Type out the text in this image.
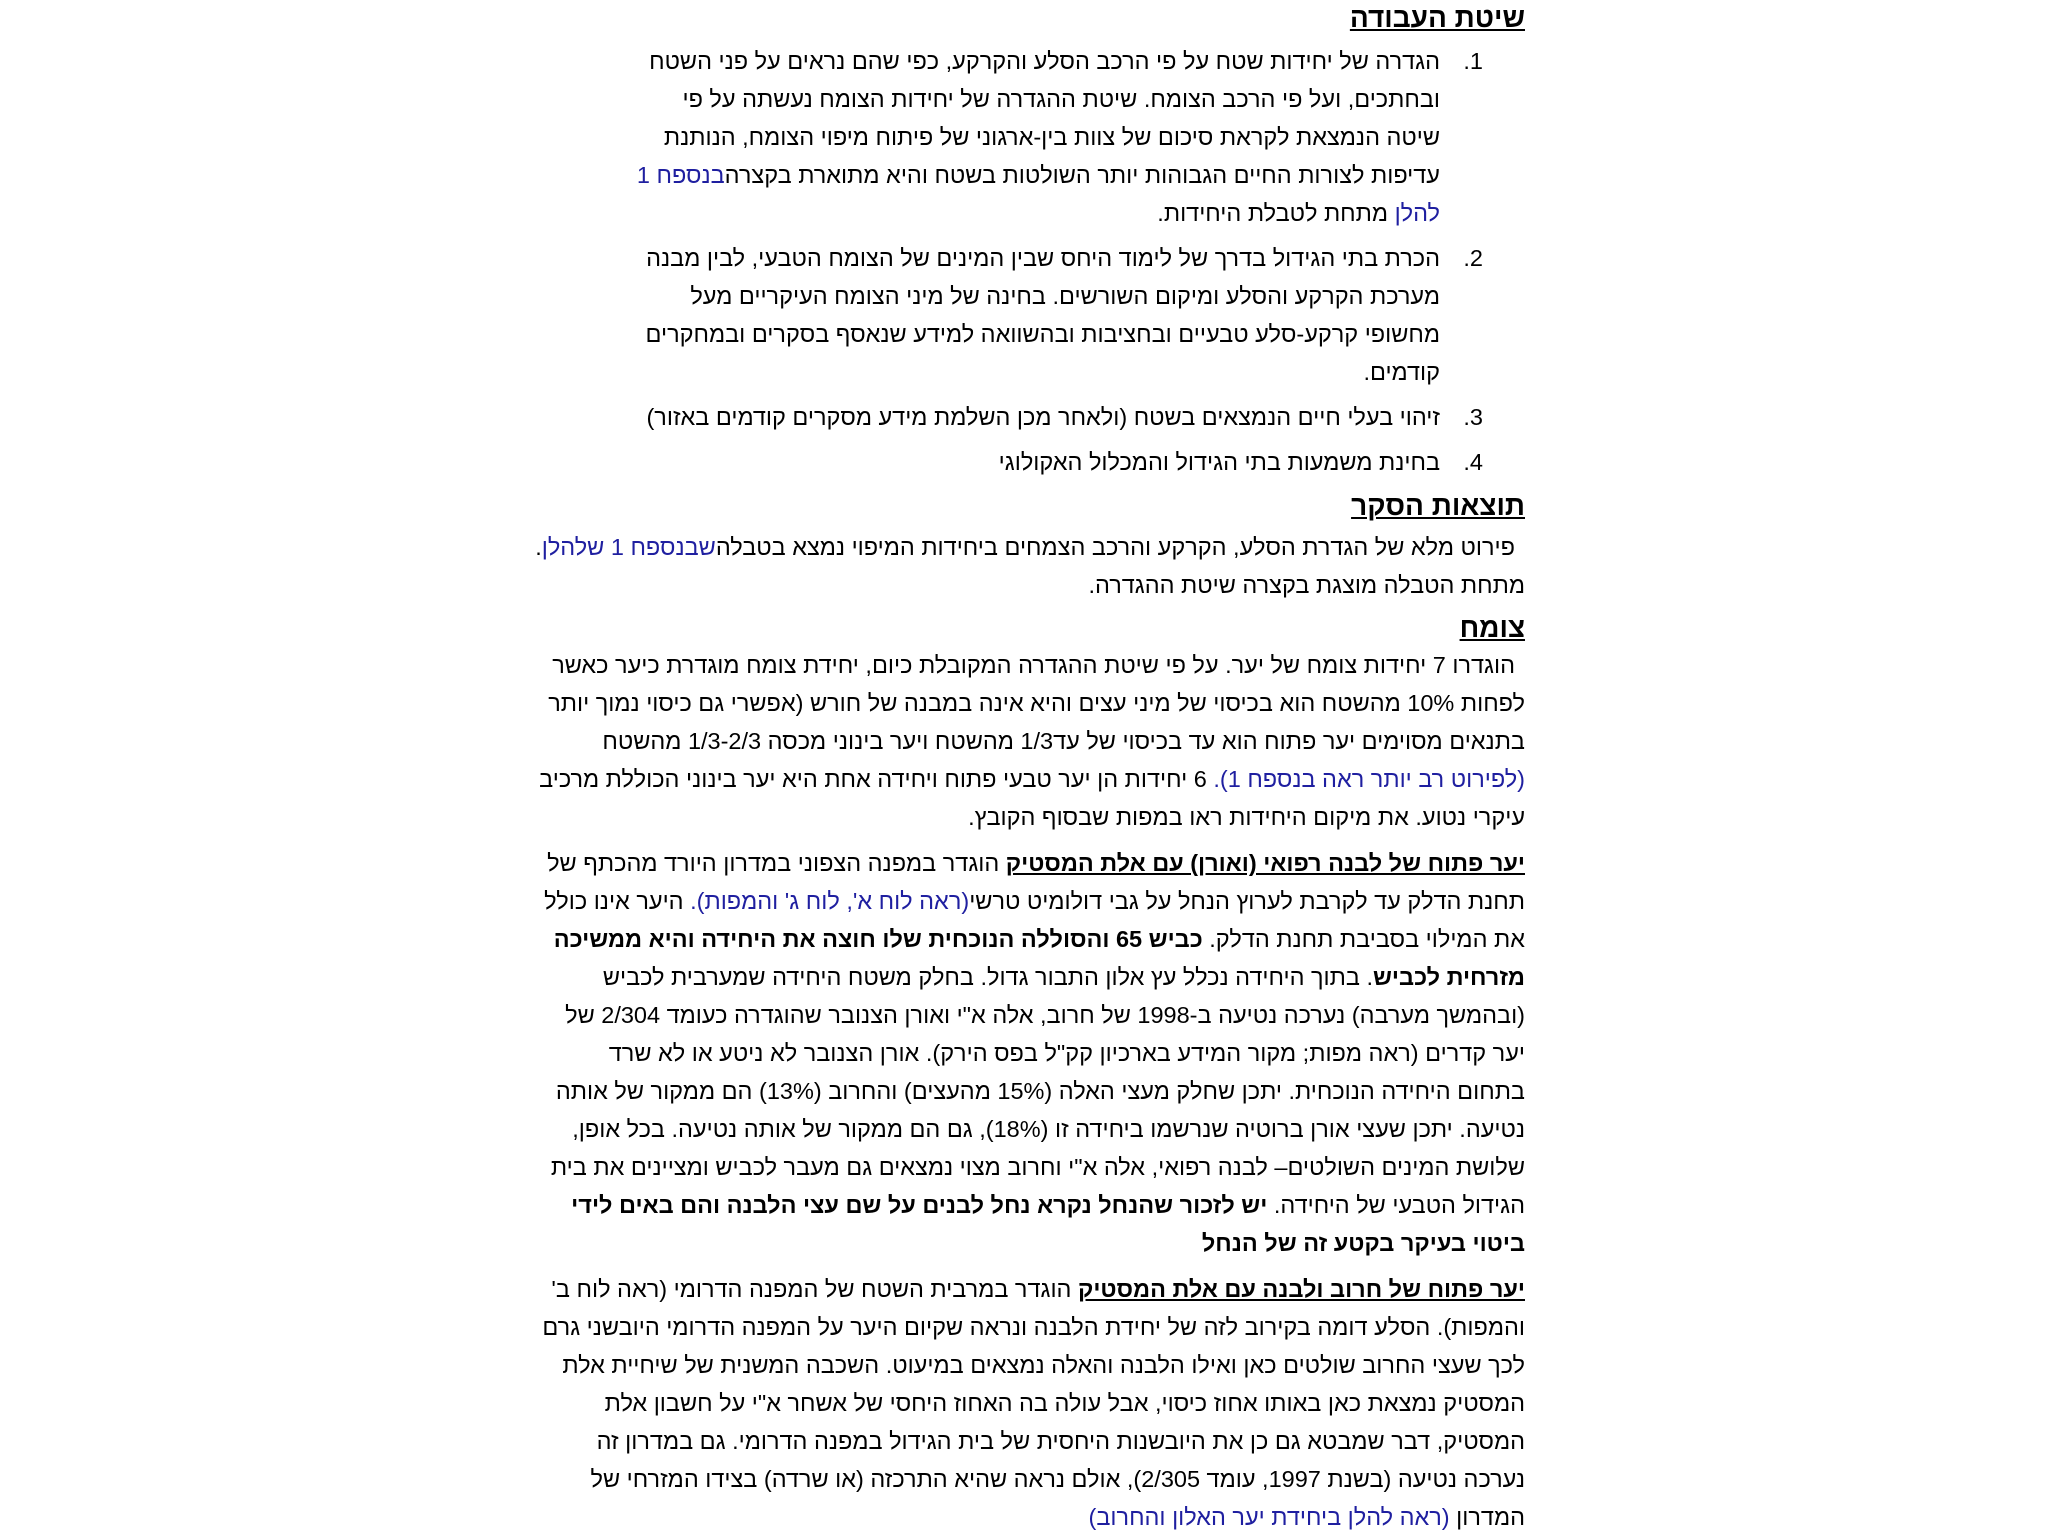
שיטת העבודה

1.
הגדרה של יחידות שטח על פי הרכב הסלע והקרקע, כפי שהם נראים על פני השטח ובחתכים, ועל פי הרכב הצומח. שיטת ההגדרה של יחידות הצומח נעשתה על פי שיטה הנמצאת לקראת סיכום של צוות בין-ארגוני של פיתוח מיפוי הצומח, הנותנת עדיפות לצורות החיים הגבוהות יותר השולטות בשטח והיא מתוארת בקצרהבנספח 1 להלן מתחת לטבלת היחידות.
2.
הכרת בתי הגידול בדרך של לימוד היחס שבין המינים של הצומח הטבעי, לבין מבנה מערכת הקרקע והסלע ומיקום השורשים. בחינה של מיני הצומח העיקריים מעל מחשופי קרקע-סלע טבעיים ובחציבות ובהשוואה למידע שנאסף בסקרים ובמחקרים קודמים.
3.
זיהוי בעלי חיים הנמצאים בשטח (ולאחר מכן השלמת מידע מסקרים קודמים באזור)
4.
בחינת משמעות בתי הגידול והמכלול האקולוגי

תוצאות הסקר

פירוט מלא של הגדרת הסלע, הקרקע והרכב הצמחים ביחידות המיפוי נמצא בטבלהשבנספח 1 שלהלן. מתחת הטבלה מוצגת בקצרה שיטת ההגדרה.

צומח

הוגדרו 7 יחידות צומח של יער. על פי שיטת ההגדרה המקובלת כיום, יחידת צומח מוגדרת כיער כאשר לפחות 10% מהשטח הוא בכיסוי של מיני עצים והיא אינה במבנה של חורש (אפשרי גם כיסוי נמוך יותר בתנאים מסוימים יער פתוח הוא עד בכיסוי של עד1/3 מהשטח ויער בינוני מכסה 1/3-2/3 מהשטח (לפירוט רב יותר ראה בנספח 1). 6 יחידות הן יער טבעי פתוח ויחידה אחת היא יער בינוני הכוללת מרכיב עיקרי נטוע. את מיקום היחידות ראו במפות שבסוף הקובץ.

יער פתוח של לבנה רפואי (ואורן) עם אלת המסטיק הוגדר במפנה הצפוני במדרון היורד מהכתף של תחנת הדלק עד לקרבת לערוץ הנחל על גבי דולומיט טרשי(ראה לוח א', לוח ג' והמפות). היער אינו כולל את המילוי בסביבת תחנת הדלק. כביש 65 והסוללה הנוכחית שלו חוצה את היחידה והיא ממשיכה מזרחית לכביש. בתוך היחידה נכלל עץ אלון התבור גדול. בחלק משטח היחידה שמערבית לכביש (ובהמשך מערבה) נערכה נטיעה ב-1998 של חרוב, אלה א"י ואורן הצנובר שהוגדרה כעומד 2/304 של יער קדרים (ראה מפות; מקור המידע בארכיון קק"ל בפס הירק). אורן הצנובר לא ניטע או לא שרד בתחום היחידה הנוכחית. יתכן שחלק מעצי האלה (15% מהעצים) והחרוב (13%) הם ממקור של אותה נטיעה. יתכן שעצי אורן ברוטיה שנרשמו ביחידה זו (18%), גם הם ממקור של אותה נטיעה. בכל אופן, שלושת המינים השולטים– לבנה רפואי, אלה א"י וחרוב מצוי נמצאים גם מעבר לכביש ומציינים את בית הגידול הטבעי של היחידה. יש לזכור שהנחל נקרא נחל לבנים על שם עצי הלבנה והם באים לידי ביטוי בעיקר בקטע זה של הנחל

יער פתוח של חרוב ולבנה עם אלת המסטיק הוגדר במרבית השטח של המפנה הדרומי (ראה לוח ב' והמפות). הסלע דומה בקירוב לזה של יחידת הלבנה ונראה שקיום היער על המפנה הדרומי היובשני גרם לכך שעצי החרוב שולטים כאן ואילו הלבנה והאלה נמצאים במיעוט. השכבה המשנית של שיחיית אלת המסטיק נמצאת כאן באותו אחוז כיסוי, אבל עולה בה האחוז היחסי של אשחר א"י על חשבון אלת המסטיק, דבר שמבטא גם כן את היובשנות היחסית של בית הגידול במפנה הדרומי. גם במדרון זה נערכה נטיעה (בשנת 1997, עומד 2/305), אולם נראה שהיא התרכזה (או שרדה) בצידו המזרחי של המדרון (ראה להלן ביחידת יער האלון והחרוב)
